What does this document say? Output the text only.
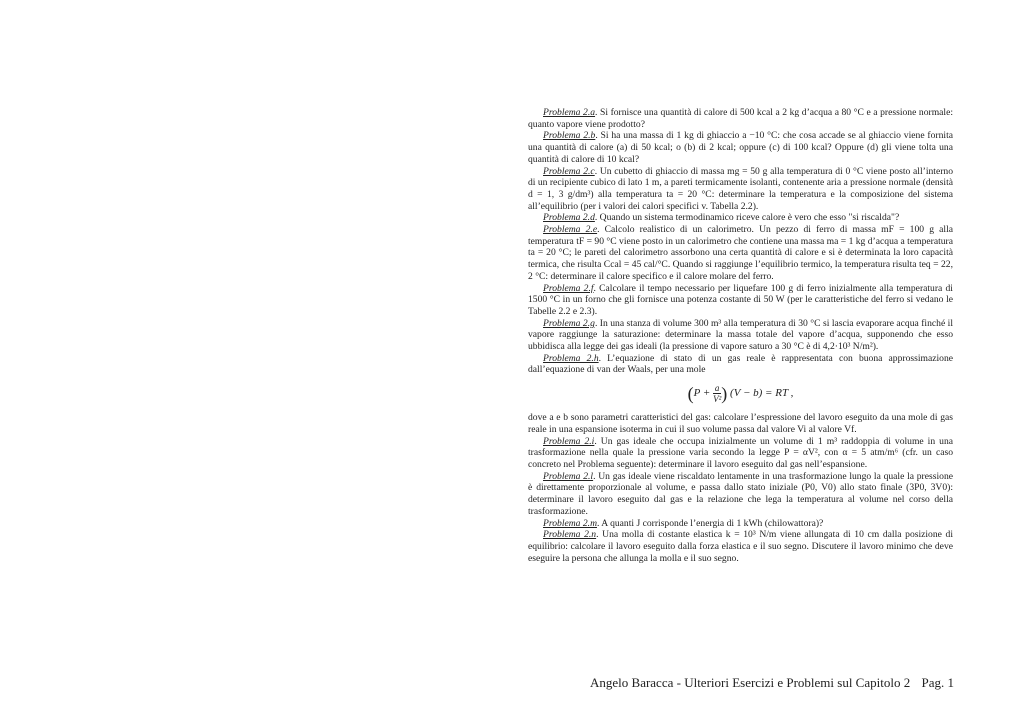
Problema 2.a. Si fornisce una quantità di calore di 500 kcal a 2 kg d’acqua a 80 °C e a pressione normale: quanto vapore viene prodotto?

Problema 2.b. Si ha una massa di 1 kg di ghiaccio a −10 °C: che cosa accade se al ghiaccio viene fornita una quantità di calore (a) di 50 kcal; o (b) di 2 kcal; oppure (c) di 100 kcal? Oppure (d) gli viene tolta una quantità di calore di 10 kcal?

Problema 2.c. Un cubetto di ghiaccio di massa mg = 50 g alla temperatura di 0 °C viene posto all’interno di un recipiente cubico di lato 1 m, a pareti termicamente isolanti, contenente aria a pressione normale (densità d = 1, 3 g/dm³) alla temperatura ta = 20 °C: determinare la temperatura e la composizione del sistema all’equilibrio (per i valori dei calori specifici v. Tabella 2.2).

Problema 2.d. Quando un sistema termodinamico riceve calore è vero che esso "si riscalda"?

Problema 2.e. Calcolo realistico di un calorimetro. Un pezzo di ferro di massa mF = 100 g alla temperatura tF = 90 °C viene posto in un calorimetro che contiene una massa ma = 1 kg d’acqua a temperatura ta = 20 °C; le pareti del calorimetro assorbono una certa quantità di calore e si è determinata la loro capacità termica, che risulta Ccal = 45 cal/°C. Quando si raggiunge l’equilibrio termico, la temperatura risulta teq = 22, 2 °C: determinare il calore specifico e il calore molare del ferro.

Problema 2.f. Calcolare il tempo necessario per liquefare 100 g di ferro inizialmente alla temperatura di 1500 °C in un forno che gli fornisce una potenza costante di 50 W (per le caratteristiche del ferro si vedano le Tabelle 2.2 e 2.3).

Problema 2.g. In una stanza di volume 300 m³ alla temperatura di 30 °C si lascia evaporare acqua finché il vapore raggiunge la saturazione: determinare la massa totale del vapore d’acqua, supponendo che esso ubbidisca alla legge dei gas ideali (la pressione di vapore saturo a 30 °C è di 4,2·10³ N/m²).

Problema 2.h. L’equazione di stato di un gas reale è rappresentata con buona approssimazione dall’equazione di van der Waals, per una mole

($P + \frac{a}{\text{V²}}$ ) (V − b) = RT ,

dove a e b sono parametri caratteristici del gas: calcolare l’espressione del lavoro eseguito da una mole di gas reale in una espansione isoterma in cui il suo volume passa dal valore Vi al valore Vf.

Problema 2.i. Un gas ideale che occupa inizialmente un volume di 1 m³ raddoppia di volume in una trasformazione nella quale la pressione varia secondo la legge P = αV², con α = 5 atm/m⁶ (cfr. un caso concreto nel Problema seguente): determinare il lavoro eseguito dal gas nell’espansione.

Problema 2.l. Un gas ideale viene riscaldato lentamente in una trasformazione lungo la quale la pressione è direttamente proporzionale al volume, e passa dallo stato iniziale (P0, V0) allo stato finale (3P0, 3V0): determinare il lavoro eseguito dal gas e la relazione che lega la temperatura al volume nel corso della trasformazione.

Problema 2.m. A quanti J corrisponde l’energia di 1 kWh (chilowattora)?

Problema 2.n. Una molla di costante elastica k = 10³ N/m viene allungata di 10 cm dalla posizione di equilibrio: calcolare il lavoro eseguito dalla forza elastica e il suo segno. Discutere il lavoro minimo che deve eseguire la persona che allunga la molla e il suo segno.

Angelo Baracca - Ulteriori Esercizi e Problemi sul Capitolo 2 Pag. 1
